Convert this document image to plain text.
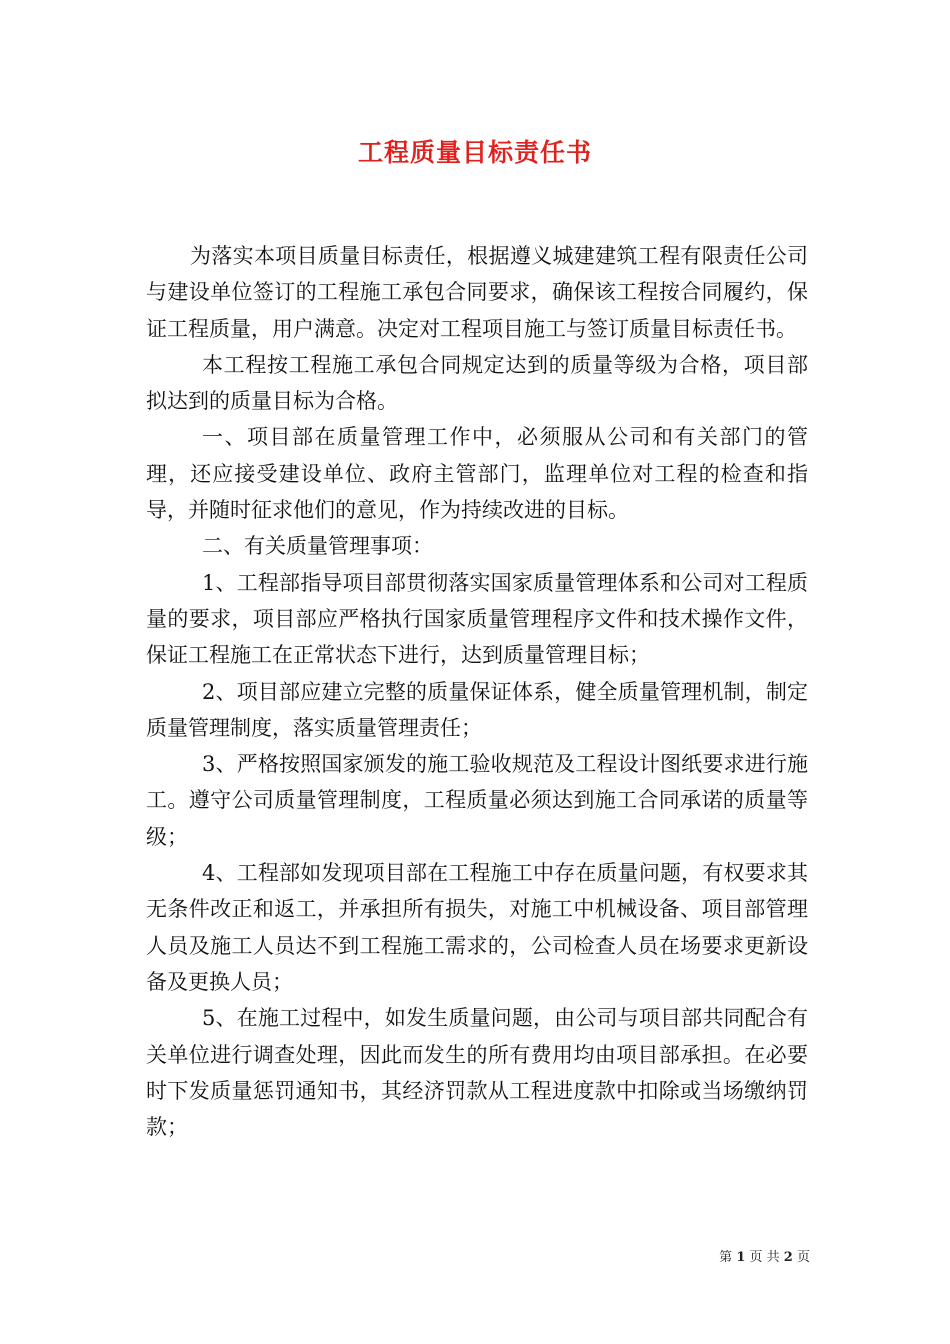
工程质量目标责任书

为落实本项目质量目标责任，根据遵义城建建筑工程有限责任公司与建设单位签订的工程施工承包合同要求，确保该工程按合同履约，保证工程质量，用户满意。决定对工程项目施工与签订质量目标责任书。

本工程按工程施工承包合同规定达到的质量等级为合格，项目部拟达到的质量目标为合格。

一、项目部在质量管理工作中，必须服从公司和有关部门的管理，还应接受建设单位、政府主管部门，监理单位对工程的检查和指导，并随时征求他们的意见，作为持续改进的目标。

二、有关质量管理事项：

1、工程部指导项目部贯彻落实国家质量管理体系和公司对工程质量的要求，项目部应严格执行国家质量管理程序文件和技术操作文件，保证工程施工在正常状态下进行，达到质量管理目标；

2、项目部应建立完整的质量保证体系，健全质量管理机制，制定质量管理制度，落实质量管理责任；

3、严格按照国家颁发的施工验收规范及工程设计图纸要求进行施工。遵守公司质量管理制度，工程质量必须达到施工合同承诺的质量等级；

4、工程部如发现项目部在工程施工中存在质量问题，有权要求其无条件改正和返工，并承担所有损失，对施工中机械设备、项目部管理人员及施工人员达不到工程施工需求的，公司检查人员在场要求更新设备及更换人员；

5、在施工过程中，如发生质量问题，由公司与项目部共同配合有关单位进行调查处理，因此而发生的所有费用均由项目部承担。在必要时下发质量惩罚通知书，其经济罚款从工程进度款中扣除或当场缴纳罚款；

第 1 页 共 2 页
